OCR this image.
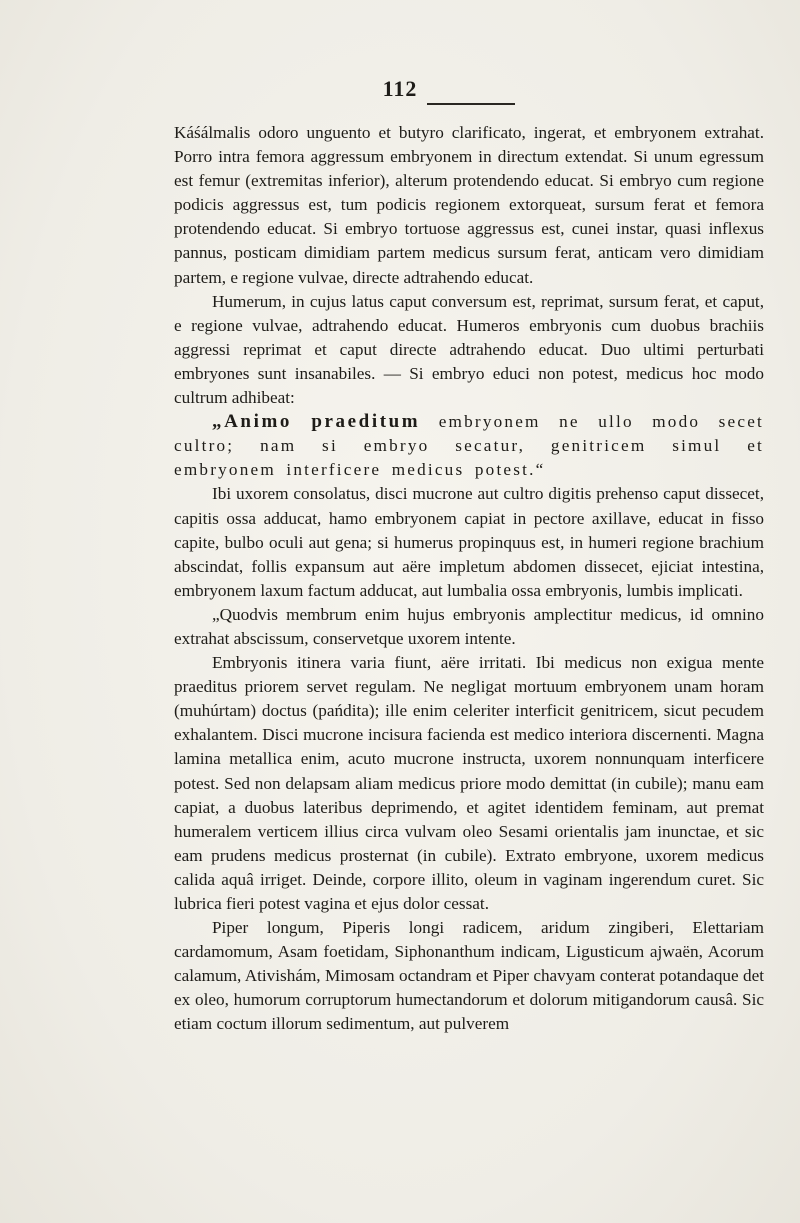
112

Káśálmalis odoro unguento et butyro clarificato, ingerat, et embryonem extrahat. Porro intra femora aggressum embryonem in directum extendat. Si unum egressum est femur (extremitas inferior), alterum protendendo educat. Si embryo cum regione podicis aggressus est, tum podicis regionem extorqueat, sursum ferat et femora protendendo educat. Si embryo tortuose aggressus est, cunei instar, quasi inflexus pannus, posticam dimidiam partem medicus sursum ferat, anticam vero dimidiam partem, e regione vulvae, directe adtrahendo educat.

Humerum, in cujus latus caput conversum est, reprimat, sursum ferat, et caput, e regione vulvae, adtrahendo educat. Humeros embryonis cum duobus brachiis aggressi reprimat et caput directe adtrahendo educat. Duo ultimi perturbati embryones sunt insanabiles. — Si embryo educi non potest, medicus hoc modo cultrum adhibeat:

„Animo praeditum embryonem ne ullo modo secet cultro; nam si embryo secatur, genitricem simul et embryonem interficere medicus potest.“

Ibi uxorem consolatus, disci mucrone aut cultro digitis prehenso caput dissecet, capitis ossa adducat, hamo embryonem capiat in pectore axillave, educat in fisso capite, bulbo oculi aut gena; si humerus propinquus est, in humeri regione brachium abscindat, follis expansum aut aëre impletum abdomen dissecet, ejiciat intestina, embryonem laxum factum adducat, aut lumbalia ossa embryonis, lumbis implicati.

„Quodvis membrum enim hujus embryonis amplectitur medicus, id omnino extrahat abscissum, conservetque uxorem intente.

Embryonis itinera varia fiunt, aëre irritati. Ibi medicus non exigua mente praeditus priorem servet regulam. Ne negligat mortuum embryonem unam horam (muhúrtam) doctus (pańdita); ille enim celeriter interficit genitricem, sicut pecudem exhalantem. Disci mucrone incisura facienda est medico interiora discernenti. Magna lamina metallica enim, acuto mucrone instructa, uxorem nonnunquam interficere potest. Sed non delapsam aliam medicus priore modo demittat (in cubile); manu eam capiat, a duobus lateribus deprimendo, et agitet identidem feminam, aut premat humeralem verticem illius circa vulvam oleo Sesami orientalis jam inunctae, et sic eam prudens medicus prosternat (in cubile). Extrato embryone, uxorem medicus calida aquâ irriget. Deinde, corpore illito, oleum in vaginam ingerendum curet. Sic lubrica fieri potest vagina et ejus dolor cessat.

Piper longum, Piperis longi radicem, aridum zingiberi, Elettariam cardamomum, Asam foetidam, Siphonanthum indicam, Ligusticum ajwaën, Acorum calamum, Ativishám, Mimosam octandram et Piper chavyam conterat potandaque det ex oleo, humorum corruptorum humectandorum et dolorum mitigandorum causâ. Sic etiam coctum illorum sedimentum, aut pulverem
